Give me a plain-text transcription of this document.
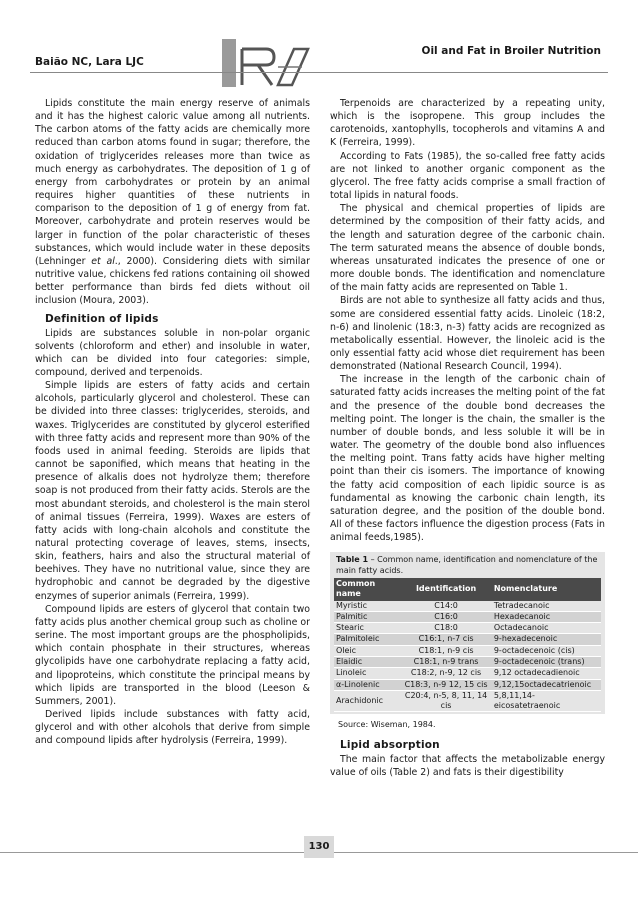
Baião NC, Lara LJC
Oil and Fat in Broiler Nutrition

Lipids constitute the main energy reserve of animals and it has the highest caloric value among all nutrients. The carbon atoms of the fatty acids are chemically more reduced than carbon atoms found in sugar; therefore, the oxidation of triglycerides releases more than twice as much energy as carbohydrates. The deposition of 1 g of energy from carbohydrates or protein by an animal requires higher quantities of these nutrients in comparison to the deposition of 1 g of energy from fat. Moreover, carbohydrate and protein reserves would be larger in function of the polar characteristic of theses substances, which would include water in these deposits (Lehninger et al., 2000). Considering diets with similar nutritive value, chickens fed rations containing oil showed better performance than birds fed diets without oil inclusion (Moura, 2003).

Definition of lipids

Lipids are substances soluble in non-polar organic solvents (chloroform and ether) and insoluble in water, which can be divided into four categories: simple, compound, derived and terpenoids.

Simple lipids are esters of fatty acids and certain alcohols, particularly glycerol and cholesterol. These can be divided into three classes: triglycerides, steroids, and waxes. Triglycerides are constituted by glycerol esterified with three fatty acids and represent more than 90% of the foods used in animal feeding. Steroids are lipids that cannot be saponified, which means that heating in the presence of alkalis does not hydrolyze them; therefore soap is not produced from their fatty acids. Sterols are the most abundant steroids, and cholesterol is the main sterol of animal tissues (Ferreira, 1999). Waxes are esters of fatty acids with long-chain alcohols and constitute the natural protecting coverage of leaves, stems, insects, skin, feathers, hairs and also the structural material of beehives. They have no nutritional value, since they are hydrophobic and cannot be degraded by the digestive enzymes of superior animals (Ferreira, 1999).

Compound lipids are esters of glycerol that contain two fatty acids plus another chemical group such as choline or serine. The most important groups are the phospholipids, which contain phosphate in their structures, whereas glycolipids have one carbohydrate replacing a fatty acid, and lipoproteins, which constitute the principal means by which lipids are transported in the blood (Leeson & Summers, 2001).

Derived lipids include substances with fatty acid, glycerol and with other alcohols that derive from simple and compound lipids after hydrolysis (Ferreira, 1999).

Terpenoids are characterized by a repeating unity, which is the isopropene. This group includes the carotenoids, xantophylls, tocopherols and vitamins A and K (Ferreira, 1999).

According to Fats (1985), the so-called free fatty acids are not linked to another organic component as the glycerol. The free fatty acids comprise a small fraction of total lipids in natural foods.

The physical and chemical properties of lipids are determined by the composition of their fatty acids, and the length and saturation degree of the carbonic chain. The term saturated means the absence of double bonds, whereas unsaturated indicates the presence of one or more double bonds. The identification and nomenclature of the main fatty acids are represented on Table 1.

Birds are not able to synthesize all fatty acids and thus, some are considered essential fatty acids. Linoleic (18:2, n-6) and linolenic (18:3, n-3) fatty acids are recognized as metabolically essential. However, the linoleic acid is the only essential fatty acid whose diet requirement has been demonstrated (National Research Council, 1994).

The increase in the length of the carbonic chain of saturated fatty acids increases the melting point of the fat and the presence of the double bond decreases the melting point. The longer is the chain, the smaller is the number of double bonds, and less soluble it will be in water. The geometry of the double bond also influences the melting point. Trans fatty acids have higher melting point than their cis isomers. The importance of knowing the fatty acid composition of each lipidic source is as fundamental as knowing the carbonic chain length, its saturation degree, and the position of the double bond. All of these factors influence the digestion process (Fats in animal feeds,1985).

Table 1 – Common name, identification and nomenclature of the main fatty acids.
Common name	Identification	Nomenclature
Myristic	C14:0	Tetradecanoic
Palmitic	C16:0	Hexadecanoic
Stearic	C18:0	Octadecanoic
Palmitoleic	C16:1, n-7 cis	9-hexadecenoic
Oleic	C18:1, n-9 cis	9-octadecenoic (cis)
Elaidic	C18:1, n-9 trans	9-octadecenoic (trans)
Linoleic	C18:2, n-9, 12 cis	9,12 octadecadienoic
α-Linolenic	C18:3, n-9 12, 15 cis	9,12,15octadecatrienoic
Arachidonic	C20:4, n-5, 8, 11, 14 cis	5,8,11,14-eicosatetraenoic
Source: Wiseman, 1984.
Lipid absorption

The main factor that affects the metabolizable energy value of oils (Table 2) and fats is their digestibility

130
